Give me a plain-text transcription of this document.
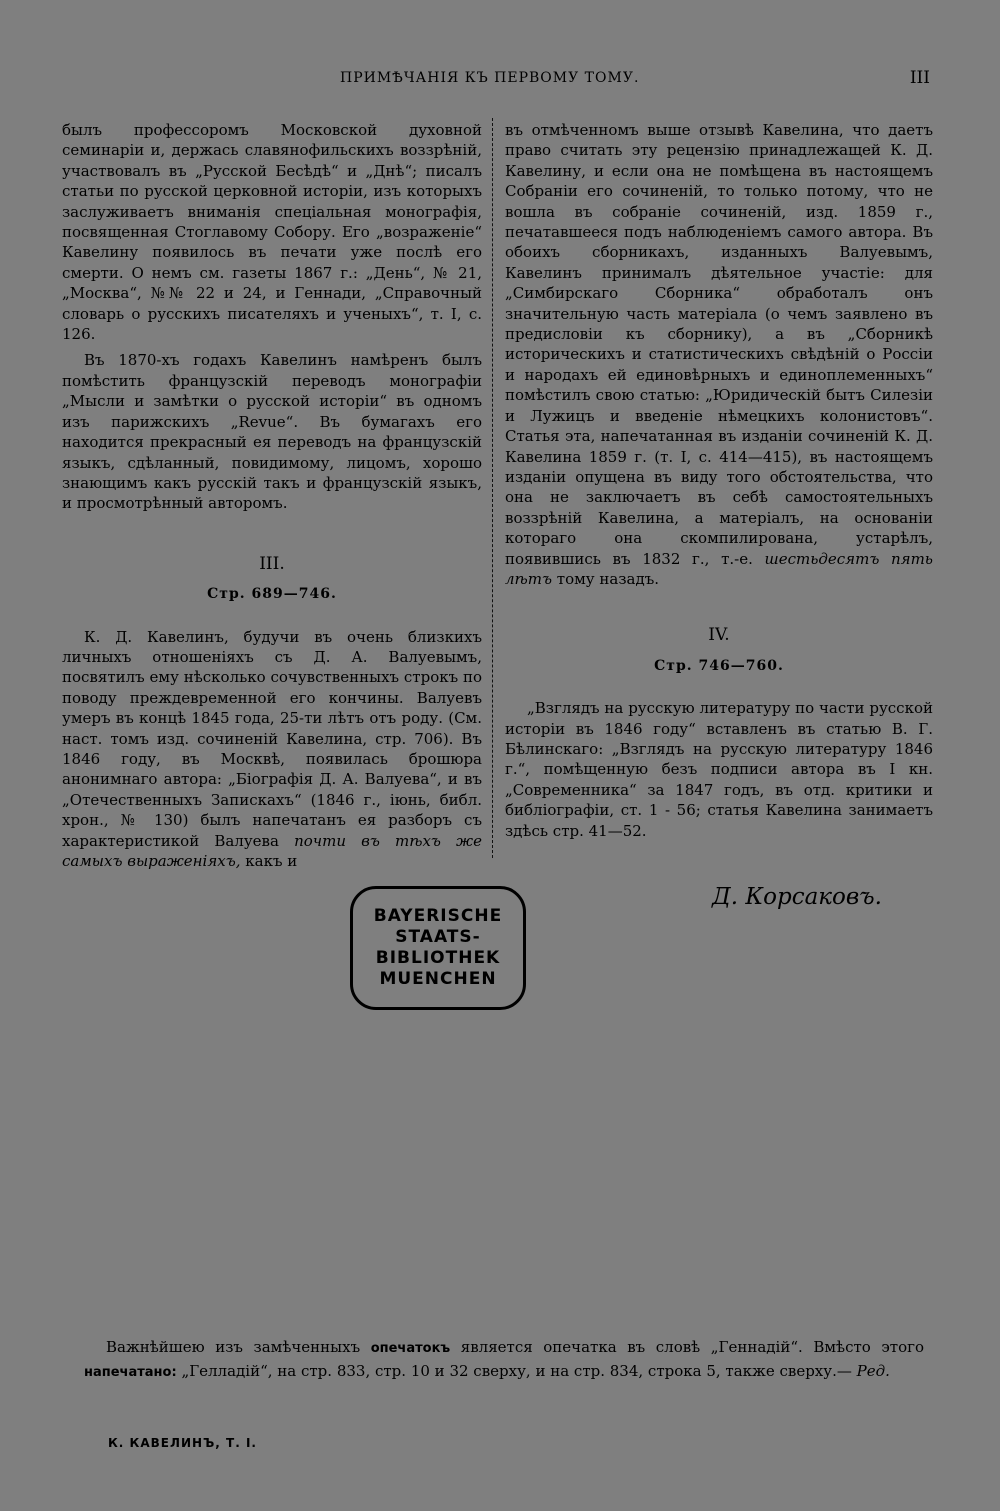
ПРИМѢЧАНІЯ КЪ ПЕРВОМУ ТОМУ.	III

былъ профессоромъ Московской духовной семинаріи и, держась славянофильскихъ воззрѣній, участвовалъ въ „Русской Бесѣдѣ“ и „Днѣ“; писалъ статьи по русской церковной исторіи, изъ которыхъ заслуживаетъ вниманія спеціальная монографія, посвященная Стоглавому Собору. Его „возраженіе“ Кавелину появилось въ печати уже послѣ его смерти. О немъ см. газеты 1867 г.: „День“, № 21, „Москва“, №№ 22 и 24, и Геннади, „Справочный словарь о русскихъ писателяхъ и ученыхъ“, т. I, с. 126.

Въ 1870-хъ годахъ Кавелинъ намѣренъ былъ помѣстить французскій переводъ монографіи „Мысли и замѣтки о русской исторіи“ въ одномъ изъ парижскихъ „Revue“. Въ бумагахъ его находится прекрасный ея переводъ на французскій языкъ, сдѣланный, повидимому, лицомъ, хорошо знающимъ какъ русскій такъ и французскій языкъ, и просмотрѣнный авторомъ.

III.
Стр. 689—746.

К. Д. Кавелинъ, будучи въ очень близкихъ личныхъ отношеніяхъ съ Д. А. Валуевымъ, посвятилъ ему нѣсколько сочувственныхъ строкъ по поводу преждевременной его кончины. Валуевъ умеръ въ концѣ 1845 года, 25-ти лѣтъ отъ роду. (См. наст. томъ изд. сочиненій Кавелина, стр. 706). Въ 1846 году, въ Москвѣ, появилась брошюра анонимнаго автора: „Біографія Д. А. Валуева“, и въ „Отечественныхъ Запискахъ“ (1846 г., іюнь, библ. хрон., № 130) былъ напечатанъ ея разборъ съ характеристикой Валуева почти въ тѣхъ же самыхъ выраженіяхъ, какъ и

въ отмѣченномъ выше отзывѣ Кавелина, что даетъ право считать эту рецензію принадлежащей К. Д. Кавелину, и если она не помѣщена въ настоящемъ Собраніи его сочиненій, то только потому, что не вошла въ собраніе сочиненій, изд. 1859 г., печатавшееся подъ наблюденіемъ самого автора. Въ обоихъ сборникахъ, изданныхъ Валуевымъ, Кавелинъ принималъ дѣятельное участіе: для „Симбирскаго Сборника“ обработалъ онъ значительную часть матеріала (о чемъ заявлено въ предисловіи къ сборнику), а въ „Сборникѣ историческихъ и статистическихъ свѣдѣній о Россіи и народахъ ей единовѣрныхъ и единоплеменныхъ“ помѣстилъ свою статью: „Юридическій бытъ Силезіи и Лужицъ и введеніе нѣмецкихъ колонистовъ“. Статья эта, напечатанная въ изданіи сочиненій К. Д. Кавелина 1859 г. (т. I, с. 414—415), въ настоящемъ изданіи опущена въ виду того обстоятельства, что она не заключаетъ въ себѣ самостоятельныхъ воззрѣній Кавелина, а матеріалъ, на основаніи котораго она скомпилирована, устарѣлъ, появившись въ 1832 г., т.-е. шестьдесятъ пять лѣтъ тому назадъ.

IV.
Стр. 746—760.

„Взглядъ на русскую литературу по части русской исторіи въ 1846 году“ вставленъ въ статью В. Г. Бѣлинскаго: „Взглядъ на русскую литературу 1846 г.“, помѣщенную безъ подписи автора въ I кн. „Современника“ за 1847 годъ, въ отд. критики и библіографіи, ст. 1 - 56; статья Кавелина занимаетъ здѣсь стр. 41—52.

BAYERISCHE
STAATS-
BIBLIOTHEK
MUENCHEN
Д. Корсаковъ.
Важнѣйшею изъ замѣченныхъ опечатокъ является опечатка въ словѣ „Геннадій“. Вмѣсто этого напечатано: „Гелладій“, на стр. 833, стр. 10 и 32 сверху, и на стр. 834, строка 5, также сверху.— Ред.
К. КАВЕЛИНЪ, Т. I.
